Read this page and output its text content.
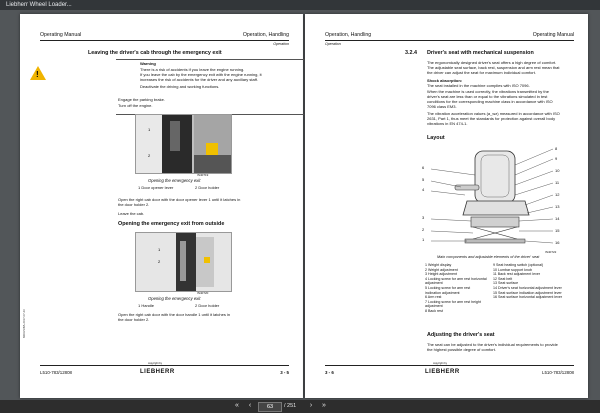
Liebherr Wheel Loader...
Operating Manual	Operation, Handling
Operation
Leaving the driver's cab through the emergency exit
!
Warning
There is a risk of accidents if you leave the engine running.
If you leave the cab by the emergency exit with the engine running, it
increases the risk of accidents for the driver and any auxiliary staff.
Deactivate the driving and working functions.
Engage the parking brake.
Turn off the engine.
1
2
IN40719
Opening the emergency exit
1 Door opener lever	2 Door holder
Open the right cab door with the door opener lever 1 until it latches in
the door holder 2.
Leave the cab.
Opening the emergency exit from outside
1
2
IN40720
Opening the emergency exit
1 Handle	2 Door holder
Open the right cab door with the door handle 1 until it latches in
the door holder 2.
MR/HS/BA-2017-07-26
L510-783/12808
copyright by
LIEBHERR	3 - 5
Operation, Handling	Operating Manual
Operation
3.2.4 Driver's seat with mechanical suspension
The ergonomically designed driver's seat offers a high degree of comfort.
The adjustable seat surface, back rest, suspension and arm rest mean that
the driver can adjust the seat for maximum individual comfort.
Shock absorption:
The seat installed in the machine complies with ISO 7096.
When the machine is used correctly, the vibrations transmitted by the
driver's seat are less than or equal to the vibrations simulated in test
conditions for the corresponding machine class in accordance with ISO
7096 class EM3.
The vibration acceleration values (a_wz) measured in accordance with ISO
2631, Part 1, thus meet the standards for protection against overall body
vibrations in EN 474-1.
Layout
6
5
4
3
2
1
8
9
10
11
12
13
14
15
16
IN40722
Main components and adjustable elements of the driver' seat
1 Weight display
2 Weight adjustment
3 Height adjustment
4 Locking screw for arm rest horizontal adjustment
5 Locking screw for arm rest inclination adjustment
6 Arm rest
7 Locking screw for arm rest height adjustment
8 Back rest
9 Seat heating switch (optional)
10 Lumbar support knob
11 Back rest adjustment lever
12 Seat belt
13 Seat surface
14 Driver's seat horizontal adjustment lever
15 Seat surface indication adjustment lever
16 Seat surface horizontal adjustment lever
Adjusting the driver's seat
The seat can be adjusted to the driver's individual requirements to provide
the highest possible degree of comfort.
3 - 6
copyright by
LIEBHERR	L510-783/12808
«	‹	63	/ 251	›	»
